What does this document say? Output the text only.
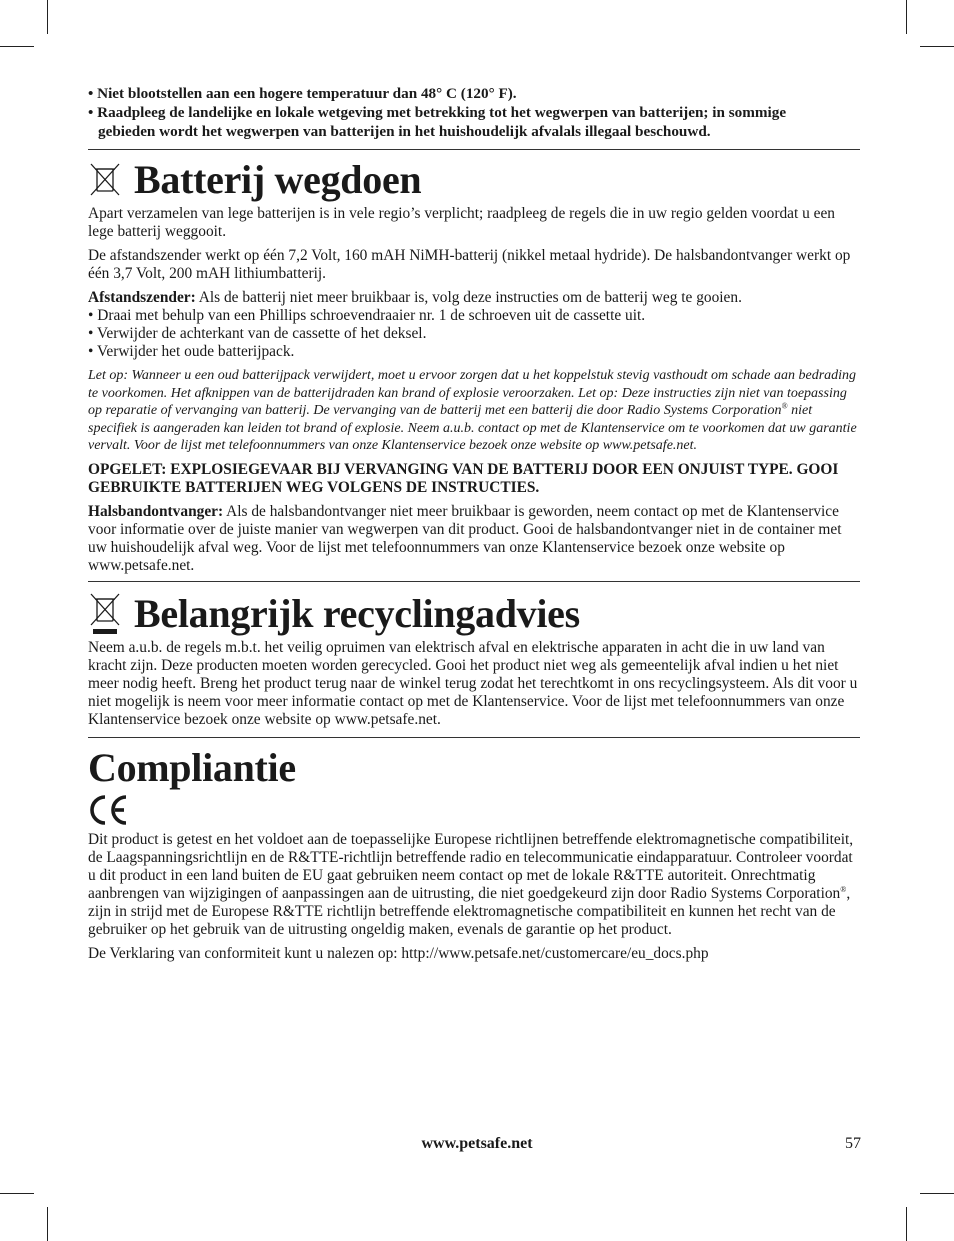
• Niet blootstellen aan een hogere temperatuur dan 48° C (120° F).
• Raadpleeg de landelijke en lokale wetgeving met betrekking tot het wegwerpen van batterijen; in sommige gebieden wordt het wegwerpen van batterijen in het huishoudelijk afvalals illegaal beschouwd.
Batterij wegdoen

Apart verzamelen van lege batterijen is in vele regio’s verplicht; raadpleeg de regels die in uw regio gelden voordat u een lege batterij weggooit.

De afstandszender werkt op één 7,2 Volt, 160 mAH NiMH-batterij (nikkel metaal hydride). De halsbandontvanger werkt op één 3,7 Volt, 200 mAH lithiumbatterij.

Afstandszender: Als de batterij niet meer bruikbaar is, volg deze instructies om de batterij weg te gooien.

• Draai met behulp van een Phillips schroevendraaier nr. 1 de schroeven uit de cassette uit.

• Verwijder de achterkant van de cassette of het deksel.

• Verwijder het oude batterijpack.

Let op: Wanneer u een oud batterijpack verwijdert, moet u ervoor zorgen dat u het koppelstuk stevig vasthoudt om schade aan bedrading te voorkomen. Het afknippen van de batterijdraden kan brand of explosie veroorzaken. Let op: Deze instructies zijn niet van toepassing op reparatie of vervanging van batterij. De vervanging van de batterij met een batterij die door Radio Systems Corporation® niet specifiek is aangeraden kan leiden tot brand of explosie. Neem a.u.b. contact op met de Klantenservice om te voorkomen dat uw garantie vervalt. Voor de lijst met telefoonnummers van onze Klantenservice bezoek onze website op www.petsafe.net.

OPGELET: EXPLOSIEGEVAAR BIJ VERVANGING VAN DE BATTERIJ DOOR EEN ONJUIST TYPE. GOOI GEBRUIKTE BATTERIJEN WEG VOLGENS DE INSTRUCTIES.

Halsbandontvanger: Als de halsbandontvanger niet meer bruikbaar is geworden, neem contact op met de Klantenservice voor informatie over de juiste manier van wegwerpen van dit product. Gooi de halsbandontvanger niet in de container met uw huishoudelijk afval weg. Voor de lijst met telefoonnummers van onze Klantenservice bezoek onze website op www.petsafe.net.

Belangrijk recyclingadvies

Neem a.u.b. de regels m.b.t. het veilig opruimen van elektrisch afval en elektrische apparaten in acht die in uw land van kracht zijn. Deze producten moeten worden gerecycled. Gooi het product niet weg als gemeentelijk afval indien u het niet meer nodig heeft. Breng het product terug naar de winkel terug zodat het terechtkomt in ons recyclingsysteem. Als dit voor u niet mogelijk is neem voor meer informatie contact op met de Klantenservice. Voor de lijst met telefoonnummers van onze Klantenservice bezoek onze website op www.petsafe.net.

Compliantie

Dit product is getest en het voldoet aan de toepasselijke Europese richtlijnen betreffende elektromagnetische compatibiliteit, de Laagspanningsrichtlijn en de R&TTE-richtlijn betreffende radio en telecommunicatie eindapparatuur. Controleer voordat u dit product in een land buiten de EU gaat gebruiken neem contact op met de lokale R&TTE autoriteit. Onrechtmatig aanbrengen van wijzigingen of aanpassingen aan de uitrusting, die niet goedgekeurd zijn door Radio Systems Corporation®, zijn in strijd met de Europese R&TTE richtlijn betreffende elektromagnetische compatibiliteit en kunnen het recht van de gebruiker op het gebruik van de uitrusting ongeldig maken, evenals de garantie op het product.

De Verklaring van conformiteit kunt u nalezen op: http://www.petsafe.net/customercare/eu_docs.php

www.petsafe.net	57
